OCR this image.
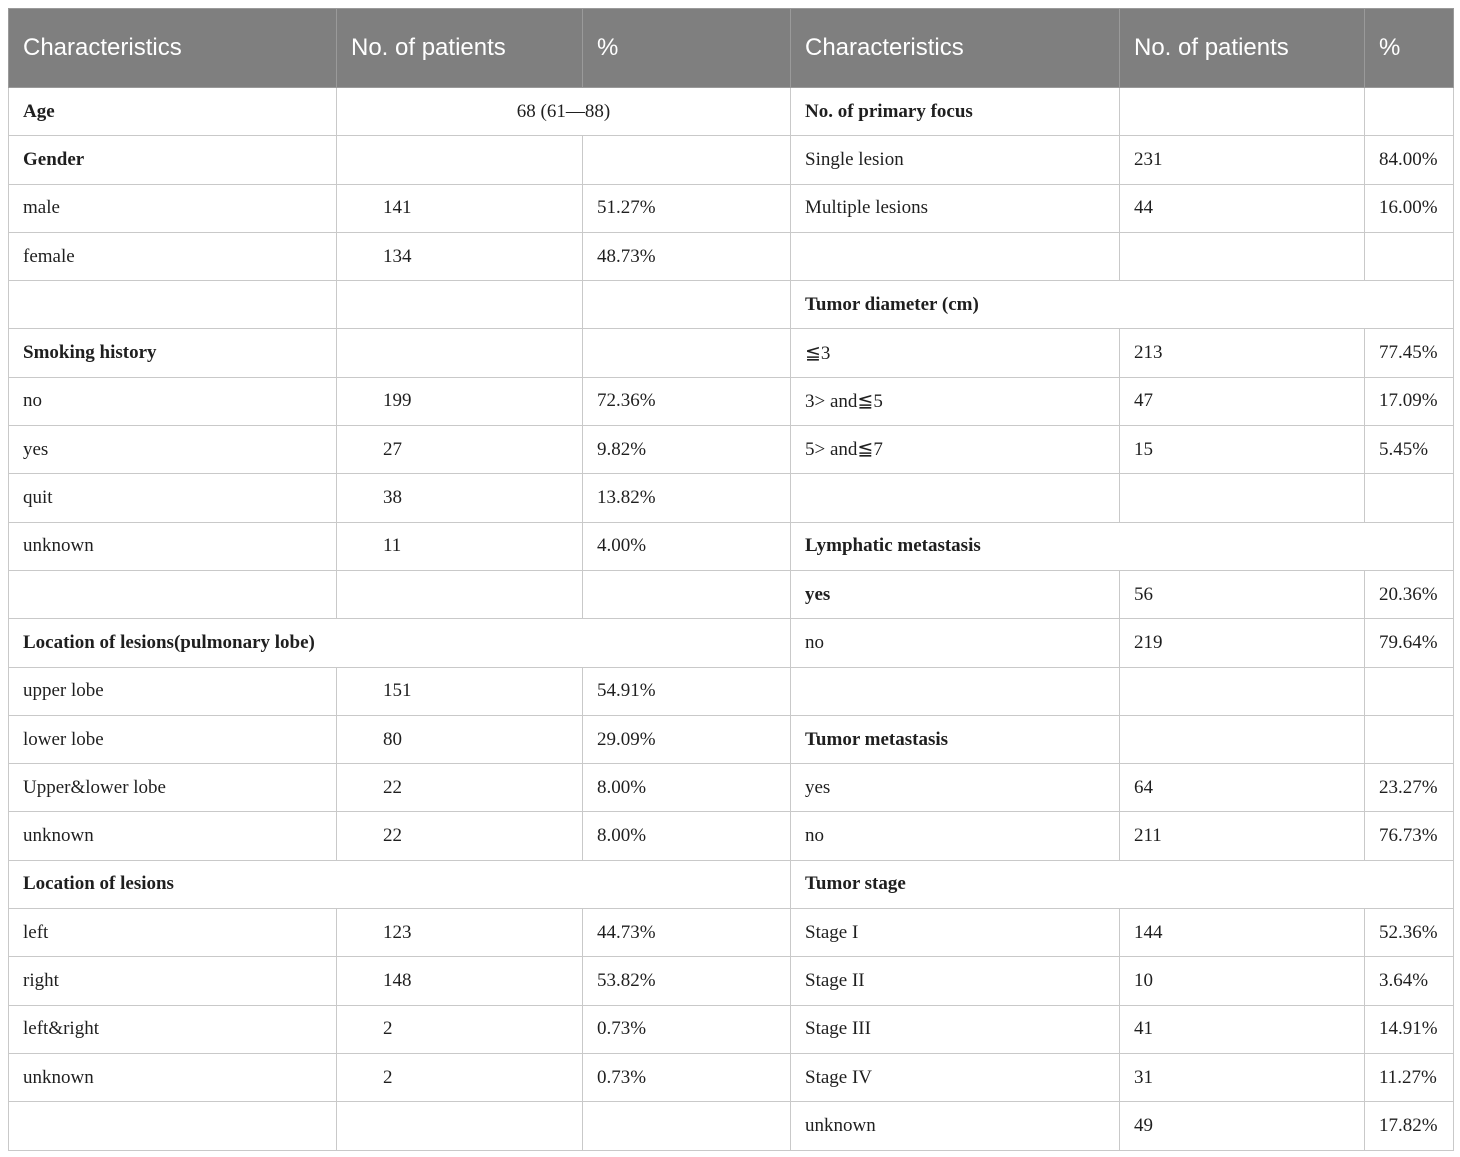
Characteristics	No. of patients	%	Characteristics	No. of patients	%
Age	68 (61—88)		No. of primary focus		
Gender			Single lesion	231	84.00%
male	141	51.27%	Multiple lesions	44	16.00%
female	134	48.73%			
			Tumor diameter (cm)		
Smoking history			≦3	213	77.45%
no	199	72.36%	3> and≦5	47	17.09%
yes	27	9.82%	5> and≦7	15	5.45%
quit	38	13.82%			
unknown	11	4.00%	Lymphatic metastasis		
			yes	56	20.36%
Location of lesions(pulmonary lobe)			no	219	79.64%
upper lobe	151	54.91%			
lower lobe	80	29.09%	Tumor metastasis		
Upper&lower lobe	22	8.00%	yes	64	23.27%
unknown	22	8.00%	no	211	76.73%
Location of lesions			Tumor stage		
left	123	44.73%	Stage I	144	52.36%
right	148	53.82%	Stage II	10	3.64%
left&right	2	0.73%	Stage III	41	14.91%
unknown	2	0.73%	Stage IV	31	11.27%
			unknown	49	17.82%
